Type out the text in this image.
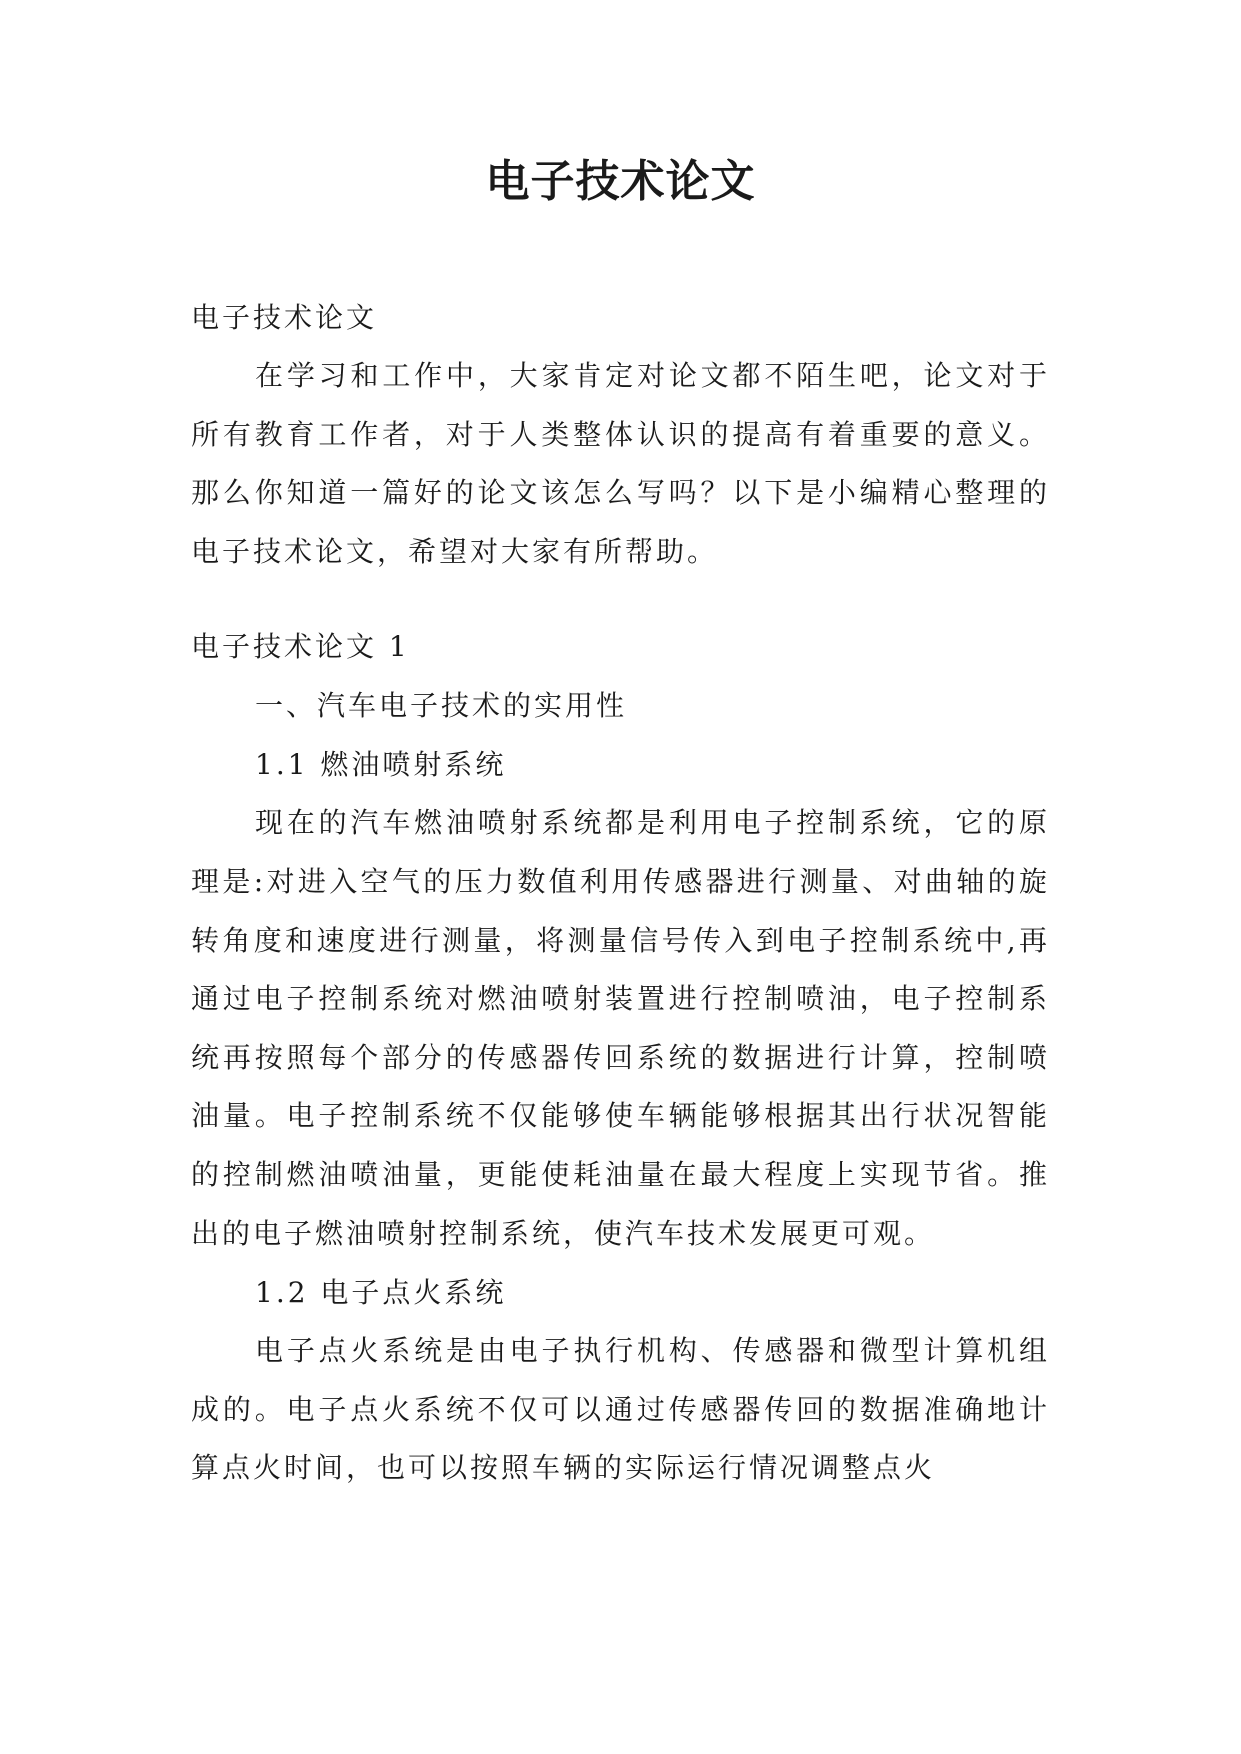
电子技术论文
电子技术论文
在学习和工作中，大家肯定对论文都不陌生吧，论文对于所有教育工作者，对于人类整体认识的提高有着重要的意义。那么你知道一篇好的论文该怎么写吗？以下是小编精心整理的电子技术论文，希望对大家有所帮助。
电子技术论文 1
一、汽车电子技术的实用性
1.1 燃油喷射系统
现在的汽车燃油喷射系统都是利用电子控制系统，它的原理是:对进入空气的压力数值利用传感器进行测量、对曲轴的旋转角度和速度进行测量，将测量信号传入到电子控制系统中,再通过电子控制系统对燃油喷射装置进行控制喷油，电子控制系统再按照每个部分的传感器传回系统的数据进行计算，控制喷油量。电子控制系统不仅能够使车辆能够根据其出行状况智能的控制燃油喷油量，更能使耗油量在最大程度上实现节省。推出的电子燃油喷射控制系统，使汽车技术发展更可观。
1.2 电子点火系统
电子点火系统是由电子执行机构、传感器和微型计算机组成的。电子点火系统不仅可以通过传感器传回的数据准确地计算点火时间，也可以按照车辆的实际运行情况调整点火
